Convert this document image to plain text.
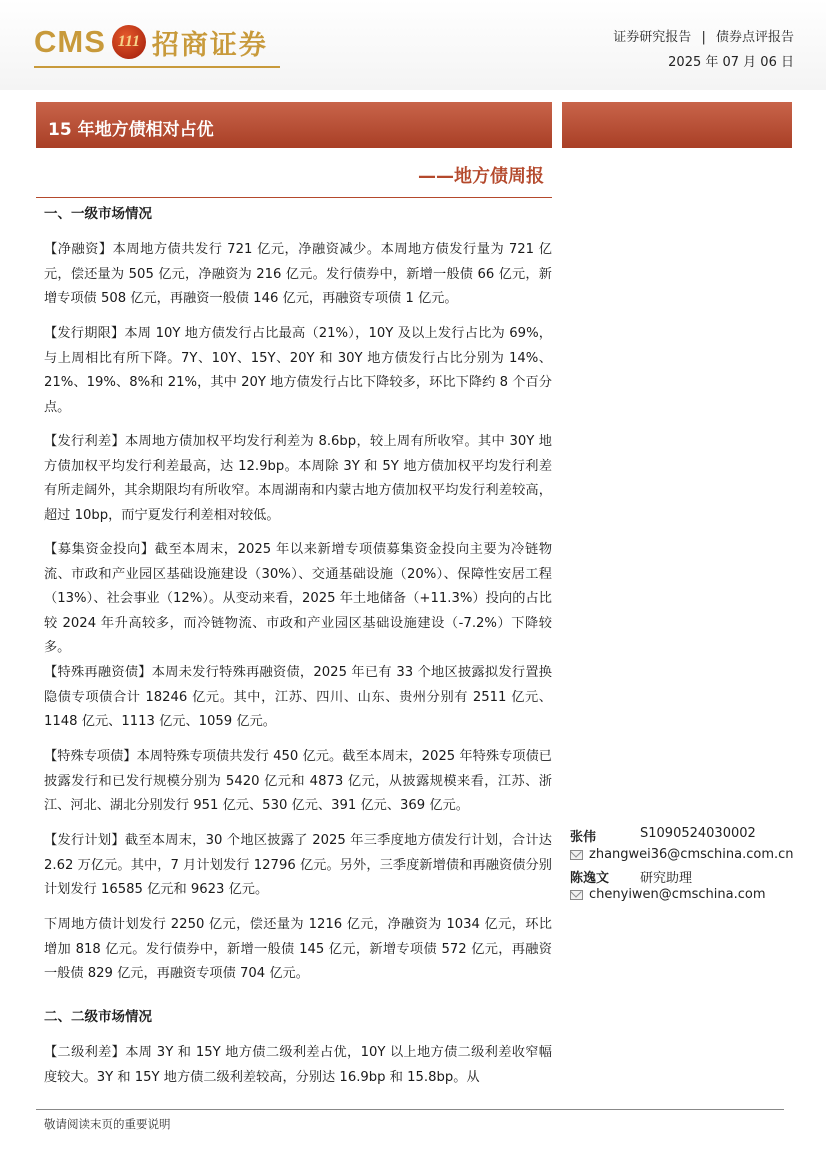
CMS 111 招商证券	证券研究报告 | 债券点评报告
2025 年 07 月 06 日
15 年地方债相对占优
——地方债周报
一、一级市场情况

【净融资】本周地方债共发行 721 亿元，净融资减少。本周地方债发行量为 721 亿元，偿还量为 505 亿元，净融资为 216 亿元。发行债券中，新增一般债 66 亿元，新增专项债 508 亿元，再融资一般债 146 亿元，再融资专项债 1 亿元。

【发行期限】本周 10Y 地方债发行占比最高（21%），10Y 及以上发行占比为 69%，与上周相比有所下降。7Y、10Y、15Y、20Y 和 30Y 地方债发行占比分别为 14%、21%、19%、8%和 21%，其中 20Y 地方债发行占比下降较多，环比下降约 8 个百分点。

【发行利差】本周地方债加权平均发行利差为 8.6bp，较上周有所收窄。其中 30Y 地方债加权平均发行利差最高，达 12.9bp。本周除 3Y 和 5Y 地方债加权平均发行利差有所走阔外，其余期限均有所收窄。本周湖南和内蒙古地方债加权平均发行利差较高，超过 10bp，而宁夏发行利差相对较低。

【募集资金投向】截至本周末，2025 年以来新增专项债募集资金投向主要为冷链物流、市政和产业园区基础设施建设（30%）、交通基础设施（20%）、保障性安居工程（13%）、社会事业（12%）。从变动来看，2025 年土地储备（+11.3%）投向的占比较 2024 年升高较多，而冷链物流、市政和产业园区基础设施建设（-7.2%）下降较多。

【特殊再融资债】本周未发行特殊再融资债，2025 年已有 33 个地区披露拟发行置换隐债专项债合计 18246 亿元。其中，江苏、四川、山东、贵州分别有 2511 亿元、1148 亿元、1113 亿元、1059 亿元。

【特殊专项债】本周特殊专项债共发行 450 亿元。截至本周末，2025 年特殊专项债已披露发行和已发行规模分别为 5420 亿元和 4873 亿元，从披露规模来看，江苏、浙江、河北、湖北分别发行 951 亿元、530 亿元、391 亿元、369 亿元。

【发行计划】截至本周末，30 个地区披露了 2025 年三季度地方债发行计划，合计达 2.62 万亿元。其中，7 月计划发行 12796 亿元。另外，三季度新增债和再融资债分别计划发行 16585 亿元和 9623 亿元。

下周地方债计划发行 2250 亿元，偿还量为 1216 亿元，净融资为 1034 亿元，环比增加 818 亿元。发行债券中，新增一般债 145 亿元，新增专项债 572 亿元，再融资一般债 829 亿元，再融资专项债 704 亿元。

二、二级市场情况

【二级利差】本周 3Y 和 15Y 地方债二级利差占优，10Y 以上地方债二级利差收窄幅度较大。3Y 和 15Y 地方债二级利差较高，分别达 16.9bp 和 15.8bp。从

张伟	S1090524030002
zhangwei36@cmschina.com.cn
陈逸文 研究助理
chenyiwen@cmschina.com
敬请阅读末页的重要说明
